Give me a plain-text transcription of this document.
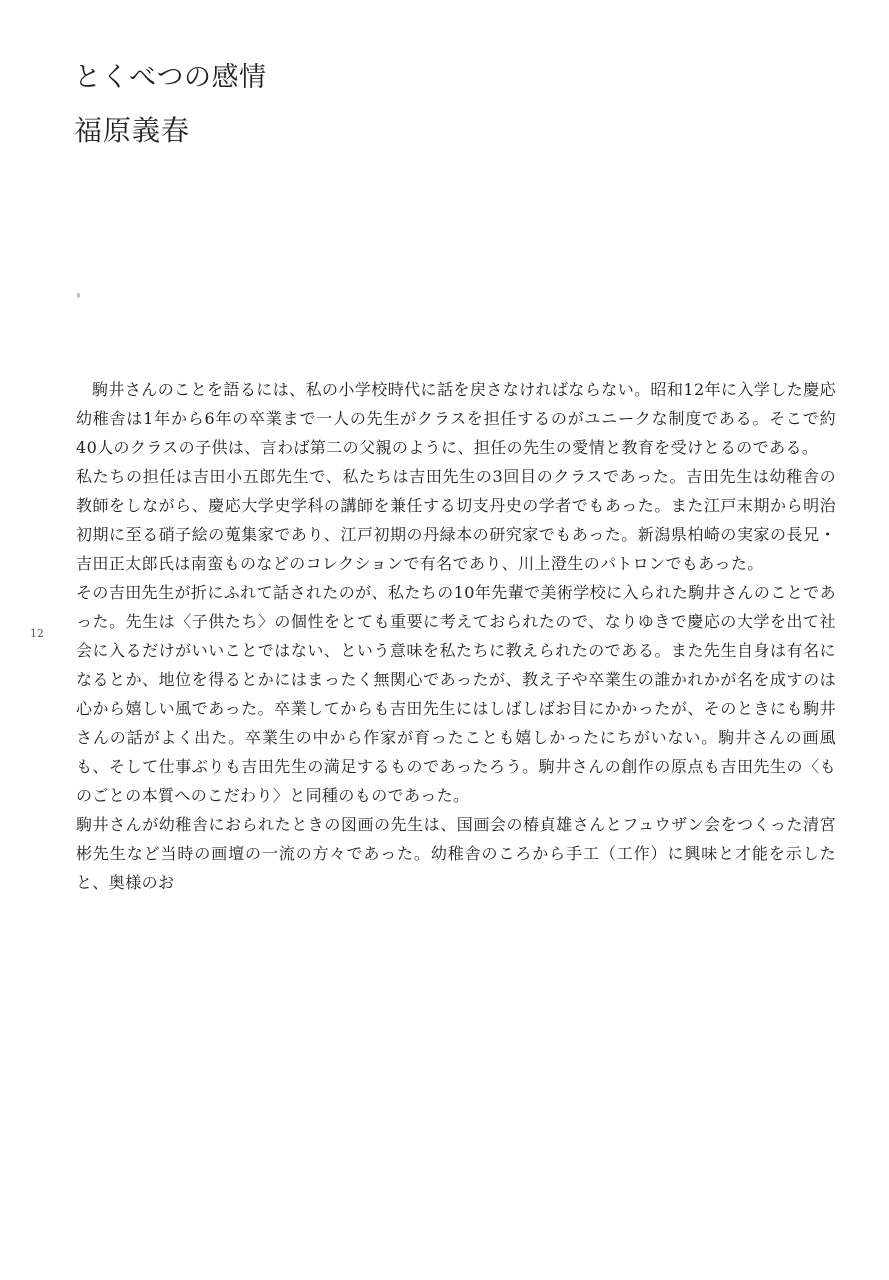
とくべつの感情
福原義春
12

駒井さんのことを語るには、私の小学校時代に話を戻さなければならない。昭和12年に入学した慶応幼稚舎は1年から6年の卒業まで一人の先生がクラスを担任するのがユニークな制度である。そこで約40人のクラスの子供は、言わば第二の父親のように、担任の先生の愛情と教育を受けとるのである。

私たちの担任は吉田小五郎先生で、私たちは吉田先生の3回目のクラスであった。吉田先生は幼稚舎の教師をしながら、慶応大学史学科の講師を兼任する切支丹史の学者でもあった。また江戸末期から明治初期に至る硝子絵の蒐集家であり、江戸初期の丹緑本の研究家でもあった。新潟県柏崎の実家の長兄・吉田正太郎氏は南蛮ものなどのコレクションで有名であり、川上澄生のパトロンでもあった。

その吉田先生が折にふれて話されたのが、私たちの10年先輩で美術学校に入られた駒井さんのことであった。先生は〈子供たち〉の個性をとても重要に考えておられたので、なりゆきで慶応の大学を出て社会に入るだけがいいことではない、という意味を私たちに教えられたのである。また先生自身は有名になるとか、地位を得るとかにはまったく無関心であったが、教え子や卒業生の誰かれかが名を成すのは心から嬉しい風であった。卒業してからも吉田先生にはしばしばお目にかかったが、そのときにも駒井さんの話がよく出た。卒業生の中から作家が育ったことも嬉しかったにちがいない。駒井さんの画風も、そして仕事ぶりも吉田先生の満足するものであったろう。駒井さんの創作の原点も吉田先生の〈ものごとの本質へのこだわり〉と同種のものであった。

駒井さんが幼稚舎におられたときの図画の先生は、国画会の椿貞雄さんとフュウザン会をつくった清宮彬先生など当時の画壇の一流の方々であった。幼稚舎のころから手工（工作）に興味と才能を示したと、奥様のお
